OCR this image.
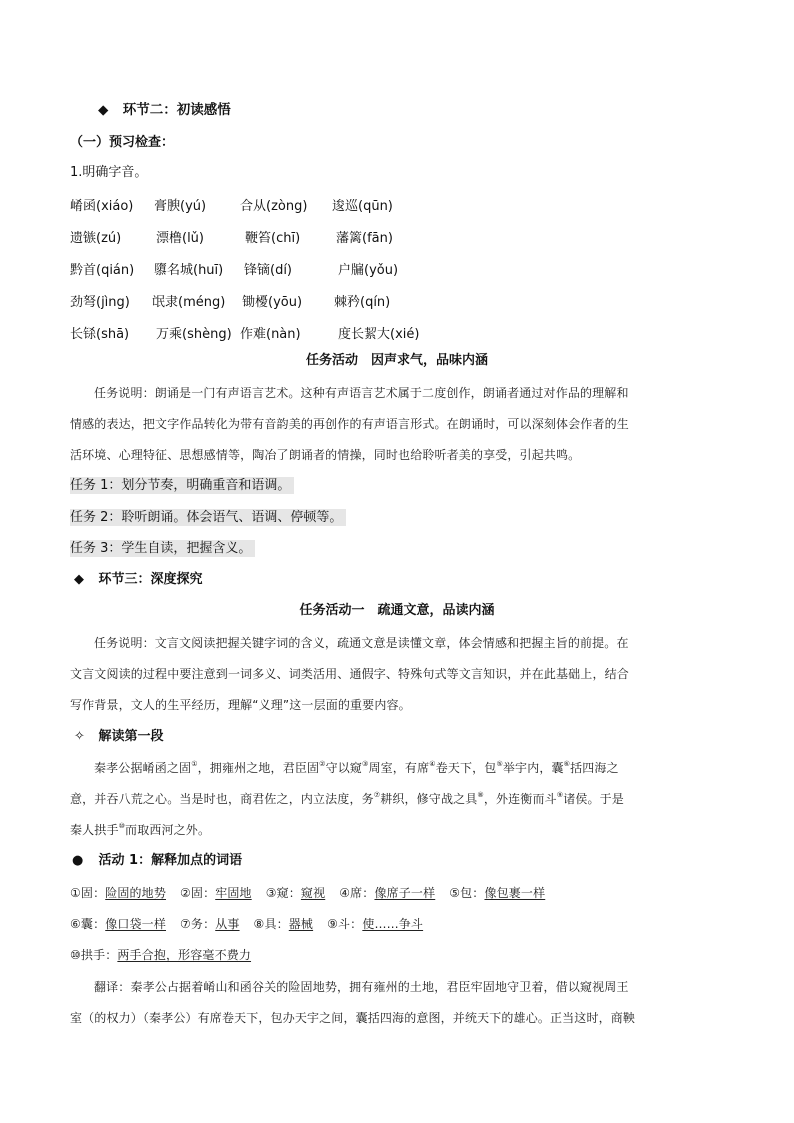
◆ 环节二：初读感悟
（一）预习检查：
1.明确字音。
崤函(xiáo) 膏腴(yú)	合从(zòng) 逡巡(qūn)
遗镞(zú)	漂橹(lǔ)	鞭笞(chī)	藩篱(fān)
黔首(qián) 隳名城(huī) 锋镝(dí)	户牖(yǒu)
劲弩(jìng) 氓隶(méng) 锄櫌(yōu) 棘矜(qín)
长铩(shā) 万乘(shèng) 作难(nàn)	度长絜大(xié)
任务活动　因声求气，品味内涵
任务说明：朗诵是一门有声语言艺术。这种有声语言艺术属于二度创作，朗诵者通过对作品的理解和
情感的表达，把文字作品转化为带有音韵美的再创作的有声语言形式。在朗诵时，可以深刻体会作者的生
活环境、心理特征、思想感情等，陶冶了朗诵者的情操，同时也给聆听者美的享受，引起共鸣。
任务 1：划分节奏，明确重音和语调。
任务 2：聆听朗诵。体会语气、语调、停顿等。
任务 3：学生自读，把握含义。
◆ 环节三：深度探究
任务活动一　疏通文意，品读内涵
任务说明：文言文阅读把握关键字词的含义，疏通文意是读懂文章，体会情感和把握主旨的前提。在
文言文阅读的过程中要注意到一词多义、词类活用、通假字、特殊句式等文言知识，并在此基础上，结合
写作背景，文人的生平经历，理解“义理”这一层面的重要内容。
✧ 解读第一段
秦孝公据崤函之固①，拥雍州之地，君臣固②守以窥③周室，有席④卷天下，包⑤举宇内，囊⑥括四海之
意，并吞八荒之心。当是时也，商君佐之，内立法度，务⑦耕织，修守战之具⑧，外连衡而斗⑨诸侯。于是
秦人拱手⑩而取西河之外。
● 活动 1：解释加点的词语
①固：险固的地势 ②固：牢固地 ③窥：窥视 ④席：像席子一样 ⑤包：像包裹一样
⑥囊：像口袋一样 ⑦务：从事 ⑧具：器械 ⑨斗：使……争斗
⑩拱手：两手合抱，形容毫不费力
翻译：秦孝公占据着崤山和函谷关的险固地势，拥有雍州的土地，君臣牢固地守卫着，借以窥视周王
室（的权力）（秦孝公）有席卷天下，包办天宇之间，囊括四海的意图，并统天下的雄心。正当这时，商鞅
